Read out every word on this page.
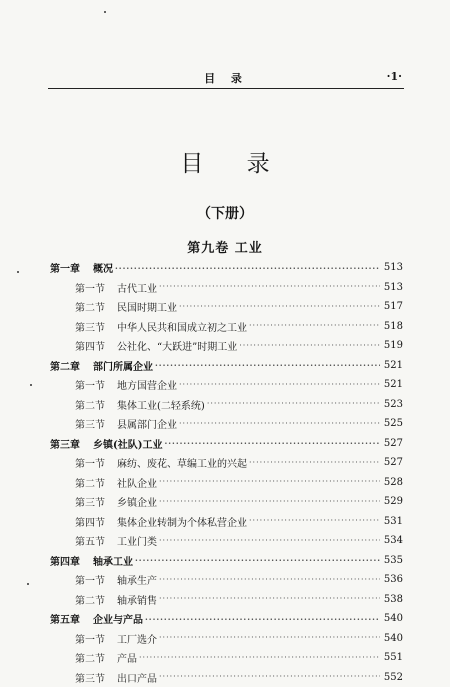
目 录	·1·
目 录
（下册）
第九卷 工业
第一章 概况 ·····	513
第一节 古代工业 ·····	513
第二节 民国时期工业 ·····	517
第三节 中华人民共和国成立初之工业 ·····	518
第四节 公社化、“大跃进”时期工业 ·····	519
第二章 部门所属企业 ·····	521
第一节 地方国营企业 ·····	521
第二节 集体工业(二轻系统) ·····	523
第三节 县属部门企业 ·····	525
第三章 乡镇(社队)工业 ·····	527
第一节 麻纺、废花、草编工业的兴起 ·····	527
第二节 社队企业 ·····	528
第三节 乡镇企业 ·····	529
第四节 集体企业转制为个体私营企业 ·····	531
第五节 工业门类 ·····	534
第四章 轴承工业 ·····	535
第一节 轴承生产 ·····	536
第二节 轴承销售 ·····	538
第五章 企业与产品 ·····	540
第一节 工厂选介 ·····	540
第二节 产品 ·····	551
第三节 出口产品 ·····	552
